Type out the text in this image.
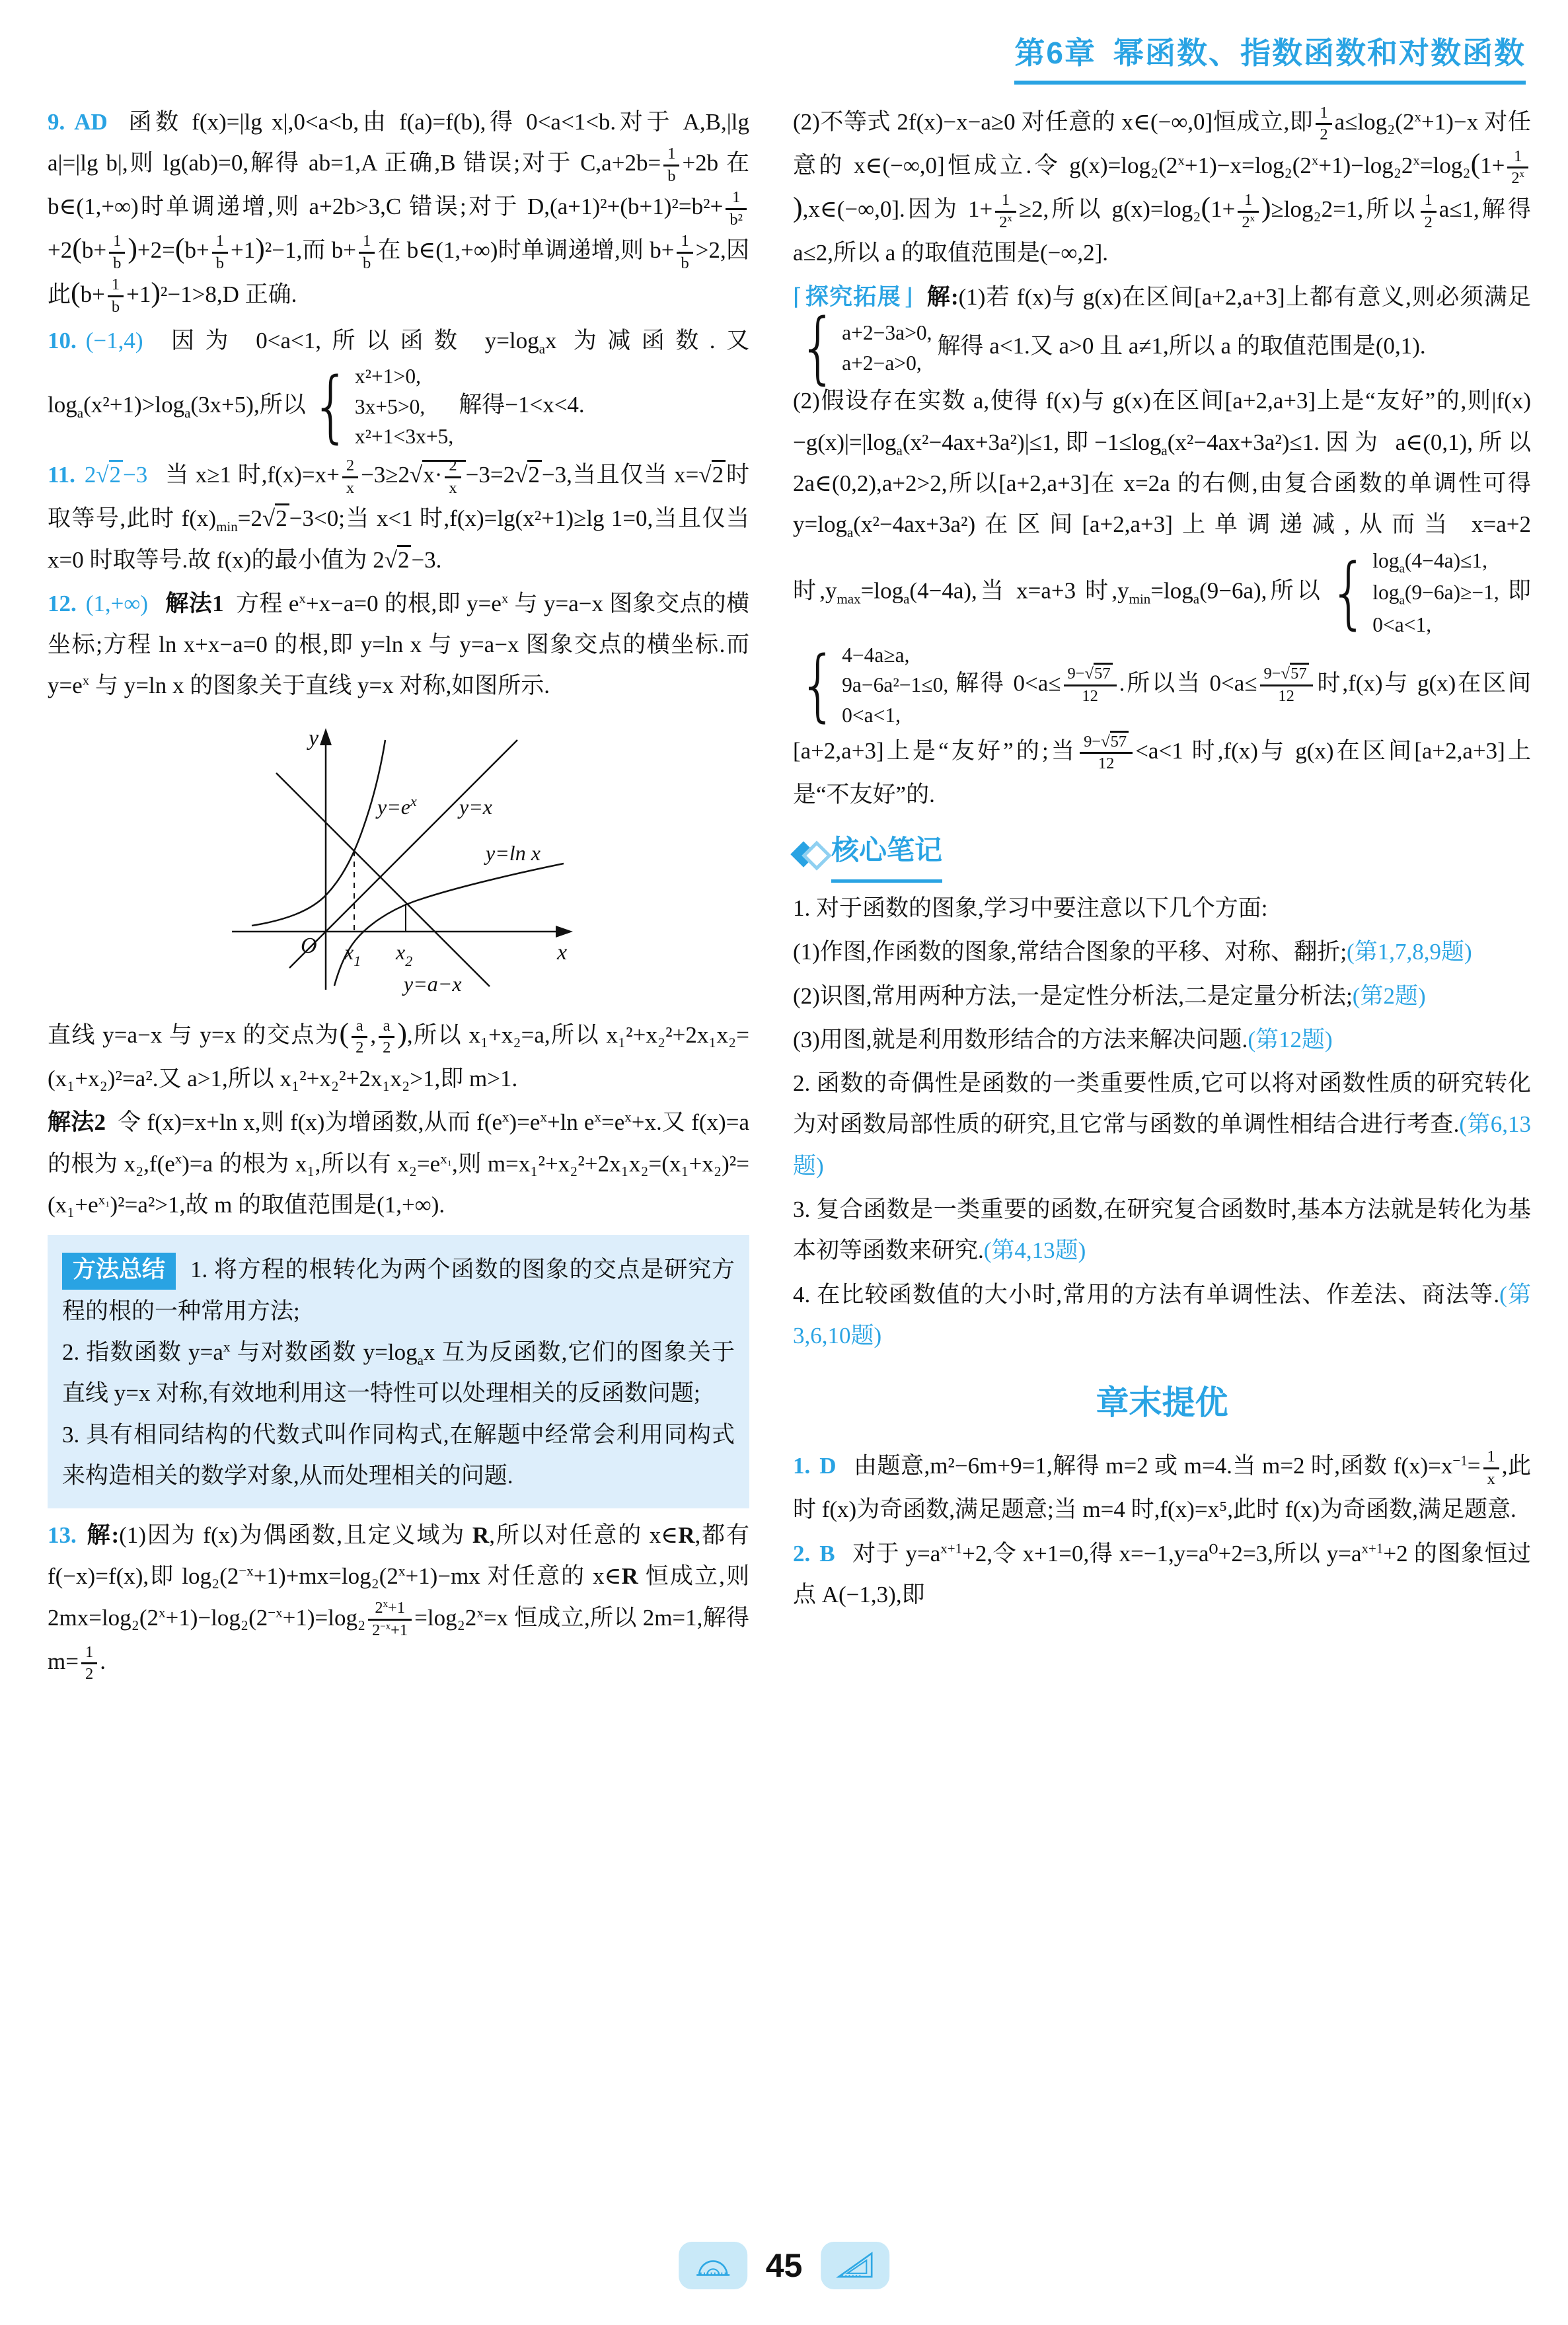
第6章 幂函数、指数函数和对数函数

9. AD 函数 f(x)=|lg x|,0<a<b,由 f(a)=f(b),得 0<a<1<b.对于 A,B,|lg a|=|lg b|,则 lg(ab)=0,解得 ab=1,A 正确,B 错误;对于 $C,a+2b= \frac{1}{b} +2b$ 在 b∈(1,+∞)时单调递增,则 a+2b>3,C 错误;对于 $D,(a+1)^2+(b+1)^2=b^2+ \frac{1}{\text{b²}}$
$+2(b+ \frac{1}{b} )+2=(b+ \frac{1}{b} +1)^2-1$,而 $b+ \frac{1}{b}$ 在 b∈(1,+∞)时单调递增,则 $b+ \frac{1}{b} >2$,因此$(b+ \frac{1}{b} +1)^2-1>8,D$ 正确.

10. (−1,4) 因为 0<a<1,所以函数 $y=\log_ax$ 为减函数.又 $\log_a(x^2+1)>\log_a(3x+5)$,所以 { x²+1>0,
3x+5>0,
x²+1<3x+5,
解得−1<x<4.

11. 2√2−3 当 x≥1 时$,f(x)=x+ \frac{2}{x} -3\ge 2√x\cdot \frac{2}{x} -3=2√2-3$,当且仅当 x=√2时取等号,此时 $f(x)_{min}=2√2-3<0$;当 x<1 时,f(x)=lg(x²+1)≥lg 1=0,当且仅当 x=0 时取等号.故 f(x)的最小值为 2√2−3.

12. (1,+∞) 解法1 方程 $e^x+x-a=0$ 的根,即 $y=e^x$ 与 y=a−x 图象交点的横坐标;方程 ln x+x−a=0 的根,即 y=ln x 与 y=a−x 图象交点的横坐标.而 $y=e^x$ 与 y=ln x 的图象关于直线 y=x 对称,如图所示.

y
x
O
$y=e^x$ y=x
y=ln x
y=a−x
$x_1$ $x_2$

直线 y=a−x 与 y=x 的交点为( $\frac{a}{2}$ , $\frac{a}{2}$ ),所以 x₁+x₂=a,所以 x₁²+x₂²+2x₁x₂=(x₁+x₂)²=a².又 a>1,所以 x₁²+x₂²+2x₁x₂>1,即 m>1.

解法2 令 f(x)=x+ln x,则 f(x)为增函数,从而 $f(e^x)=e^x+\ln$ $e^x=e^x+x$.又 f(x)=a 的根为 $x_2,f(e^x)=a$ 的根为 x₁,所以有 $x_2=e^{x_1}$,则 $m=x_1^2+x_2^2+2x_1x_2=(x_1+x_2)^2=(x_1+e^{x_1})^2=a^2>1$,故 m 的取值范围是(1,+∞).

方法总结 1. 将方程的根转化为两个函数的图象的交点是研究方程的根的一种常用方法;

2. 指数函数 $y=a^x$ 与对数函数 $y=\log_ax$ 互为反函数,它们的图象关于直线 y=x 对称,有效地利用这一特性可以处理相关的反函数问题;

3. 具有相同结构的代数式叫作同构式,在解题中经常会利用同构式来构造相关的数学对象,从而处理相关的问题.

13. 解:(1)因为 f(x)为偶函数,且定义域为 R,所以对任意的 x∈R,都有 f(−x)=f(x),即 $\log_2(2^{-x}+1)+mx=\log_2(2^x+1)-mx$ 对任意的 x∈R 恒成立,则 $2mx=\log_2(2^x+1)-\log_2(2^{-x}+1)=\log_2 \frac{2^x+1}{2^{-x}+1} =\log_22^x=x$ 恒成立,所以 2m=1,解得 $m= \frac{1}{2}$ .

(2)不等式 2f(x)−x−a≥0 对任意的 x∈(−∞,0]恒成立,即 $\frac{1}{2} a\le\log_2(2^x+1)-x$ 对任意的 x∈(−∞,0]恒成立.令 $g(x)=\log_2(2^x+1)-x=\log_2(2^x+1)-\log_22^x=\log_2(1+ \frac{1}{2^x}$
),x∈(−∞,0].因为 $1+ \frac{1}{2^x} \ge 2$,所以 $g(x)=\log_2(1+ \frac{1}{2^x} )\ge\log_22=1$,所以 $\frac{1}{2} a\le 1$,解得 a≤2,所以 a 的取值范围是(−∞,2].

⌈ 探究拓展 ⌋ 解:(1)若 f(x)与 g(x)在区间[a+2,a+3]上都有意义,则必须满足
{ a+2−3a>0,
a+2−a>0,
解得 a<1.又 a>0 且 a≠1,所以 a 的取值范围是(0,1).

(2)假设存在实数 a,使得 f(x)与 g(x)在区间[a+2,a+3]上是“友好”的,则$|f(x)-g(x)|=|\log_a(x^2-4ax+3a^2)|\le 1$,即$-1\le\log_a(x^2-4ax+3a^2)\le 1$.因为 a∈(0,1),所以 2a∈(0,2),a+2>2,所以[a+2,a+3]在 x=2a 的右侧,由复合函数的单调性可得 $y=\log_a(x^2-4ax+3a^2)$在区间[a+2,a+3]上单调递减,从而当 x=a+2 时$,y_{max}=\log_a(4-4a)$,当 x=a+3 时$,y_{min}=\log_a(9-6a)$,所以 { $\log_a(4-4a)\le 1$,
$\log_a(9-6a)\ge-1$,
0<a<1,
即
{ 4−4a≥a,
9a−6a²−1≤0,
0<a<1,
解得 $0<a\le \frac{9-√57}{12}$ .所以当 $0<a\le \frac{9-√57}{12}$ 时,f(x)与 g(x)在区间[a+2,a+3]上是“友好”的;当 $\frac{9-√57}{12} <a<1$ 时,f(x)与 g(x)在区间[a+2,a+3]上是“不友好”的.

核心笔记

1. 对于函数的图象,学习中要注意以下几个方面:

(1)作图,作函数的图象,常结合图象的平移、对称、翻折;(第1,7,8,9题)

(2)识图,常用两种方法,一是定性分析法,二是定量分析法;(第2题)

(3)用图,就是利用数形结合的方法来解决问题.(第12题)

2. 函数的奇偶性是函数的一类重要性质,它可以将对函数性质的研究转化为对函数局部性质的研究,且它常与函数的单调性相结合进行考查.(第6,13题)

3. 复合函数是一类重要的函数,在研究复合函数时,基本方法就是转化为基本初等函数来研究.(第4,13题)

4. 在比较函数值的大小时,常用的方法有单调性法、作差法、商法等.(第3,6,10题)

章末提优

1. D 由题意,m²−6m+9=1,解得 m=2 或 m=4.当 m=2 时,函数 $f(x)=x^{-1}= \frac{1}{x}$ ,此时 f(x)为奇函数,满足题意;当 m=4 时,f(x)=x⁵,此时 f(x)为奇函数,满足题意.

2. B 对于 $y=a^{x+1}+2$,令 x+1=0,得 x=−1,y=a⁰+2=3,所以 $y=a^{x+1}+2$ 的图象恒过点 A(−1,3),即

45
